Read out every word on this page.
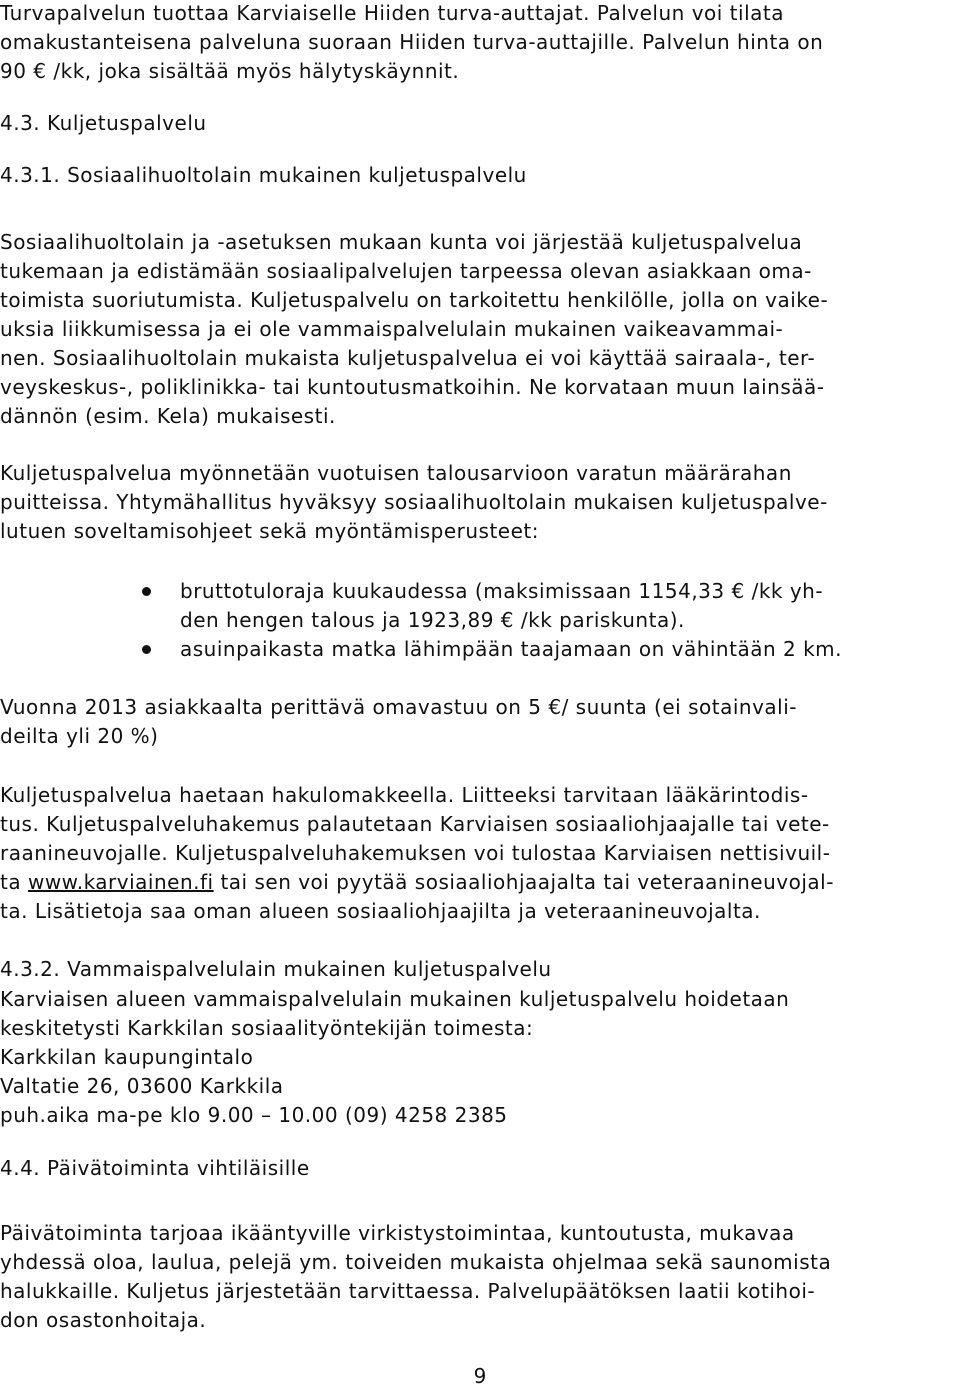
Turvapalvelun tuottaa Karviaiselle Hiiden turva-auttajat. Palvelun voi tilata
omakustanteisena palveluna suoraan Hiiden turva-auttajille. Palvelun hinta on
90 € /kk, joka sisältää myös hälytyskäynnit.
4.3. Kuljetuspalvelu
4.3.1. Sosiaalihuoltolain mukainen kuljetuspalvelu
Sosiaalihuoltolain ja -asetuksen mukaan kunta voi järjestää kuljetuspalvelua
tukemaan ja edistämään sosiaalipalvelujen tarpeessa olevan asiakkaan oma-
toimista suoriutumista. Kuljetuspalvelu on tarkoitettu henkilölle, jolla on vaike-
uksia liikkumisessa ja ei ole vammaispalvelulain mukainen vaikeavammai-
nen. Sosiaalihuoltolain mukaista kuljetuspalvelua ei voi käyttää sairaala-, ter-
veyskeskus-, poliklinikka- tai kuntoutusmatkoihin. Ne korvataan muun lainsää-
dännön (esim. Kela) mukaisesti.
Kuljetuspalvelua myönnetään vuotuisen talousarvioon varatun määrärahan
puitteissa. Yhtymähallitus hyväksyy sosiaalihuoltolain mukaisen kuljetuspalve-
lutuen soveltamisohjeet sekä myöntämisperusteet:
bruttotuloraja kuukaudessa (maksimissaan 1154,33 € /kk yh-
den hengen talous ja 1923,89 € /kk pariskunta).
asuinpaikasta matka lähimpään taajamaan on vähintään 2 km.
Vuonna 2013 asiakkaalta perittävä omavastuu on 5 €/ suunta (ei sotainvali-
deilta yli 20 %)
Kuljetuspalvelua haetaan hakulomakkeella. Liitteeksi tarvitaan lääkärintodis-
tus. Kuljetuspalveluhakemus palautetaan Karviaisen sosiaaliohjaajalle tai vete-
raanineuvojalle. Kuljetuspalveluhakemuksen voi tulostaa Karviaisen nettisivuil-
ta www.karviainen.fi tai sen voi pyytää sosiaaliohjaajalta tai veteraanineuvojal-
ta. Lisätietoja saa oman alueen sosiaaliohjaajilta ja veteraanineuvojalta.
4.3.2. Vammaispalvelulain mukainen kuljetuspalvelu
Karviaisen alueen vammaispalvelulain mukainen kuljetuspalvelu hoidetaan
keskitetysti Karkkilan sosiaalityöntekijän toimesta:
Karkkilan kaupungintalo
Valtatie 26, 03600 Karkkila
puh.aika ma-pe klo 9.00 – 10.00 (09) 4258 2385
4.4. Päivätoiminta vihtiläisille
Päivätoiminta tarjoaa ikääntyville virkistystoimintaa, kuntoutusta, mukavaa
yhdessä oloa, laulua, pelejä ym. toiveiden mukaista ohjelmaa sekä saunomista
halukkaille. Kuljetus järjestetään tarvittaessa. Palvelupäätöksen laatii kotihoi-
don osastonhoitaja.
9
